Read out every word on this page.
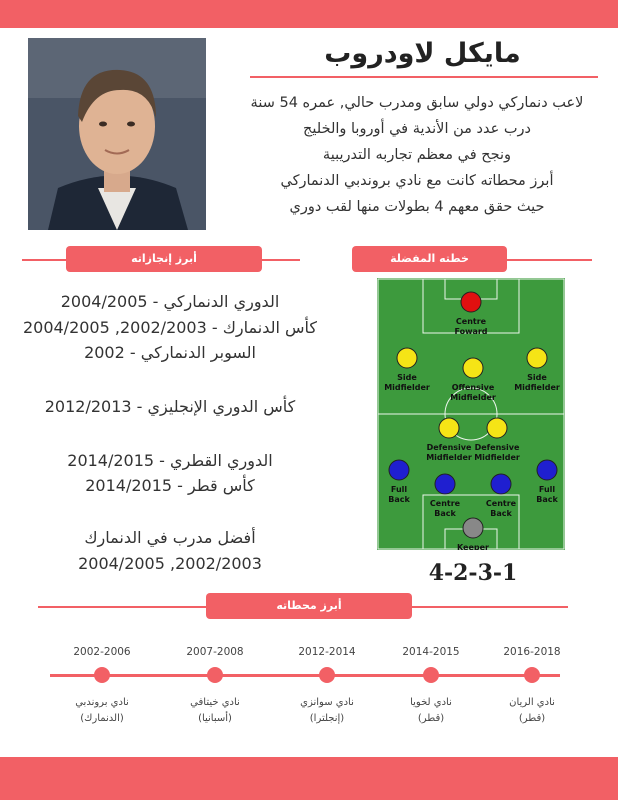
مايكل لاودروب
لاعب دنماركي دولي سابق ومدرب حالي, عمره 54 سنة
درب عدد من الأندية في أوروبا والخليج
ونجح في معظم تجاربه التدريبية
أبرز محطاته كانت مع نادي بروندبي الدنماركي
حيث حقق معهم 4 بطولات منها لقب دوري
أبرز إنجازاته	خطته المفضلة
الدوري الدنماركي - 2004/2005
كأس الدنمارك - 2002/2003, 2004/2005
السوبر الدنماركي - 2002
كأس الدوري الإنجليزي - 2012/2013
الدوري القطري - 2014/2015
كأس قطر - 2014/2015
أفضل مدرب في الدنمارك
2002/2003, 2004/2005
Centre
Foward
Side
Midfielder	Offensive
Midfielder
Side
Midfielder
Defensive
Midfielder
Defensive
Midfielder
Full
Back	Centre
Back
Centre
Back
Full
Back
Keeper
4-2-3-1
أبرز محطاته
2002-2006
نادي بروندبي
(الدنمارك)
2007-2008
نادي خيتافي
(أسبانيا)
2012-2014
نادي سوانزي
(إنجلترا)
2014-2015
نادي لخويا
(قطر)
2016-2018
نادي الريان
(قطر)
